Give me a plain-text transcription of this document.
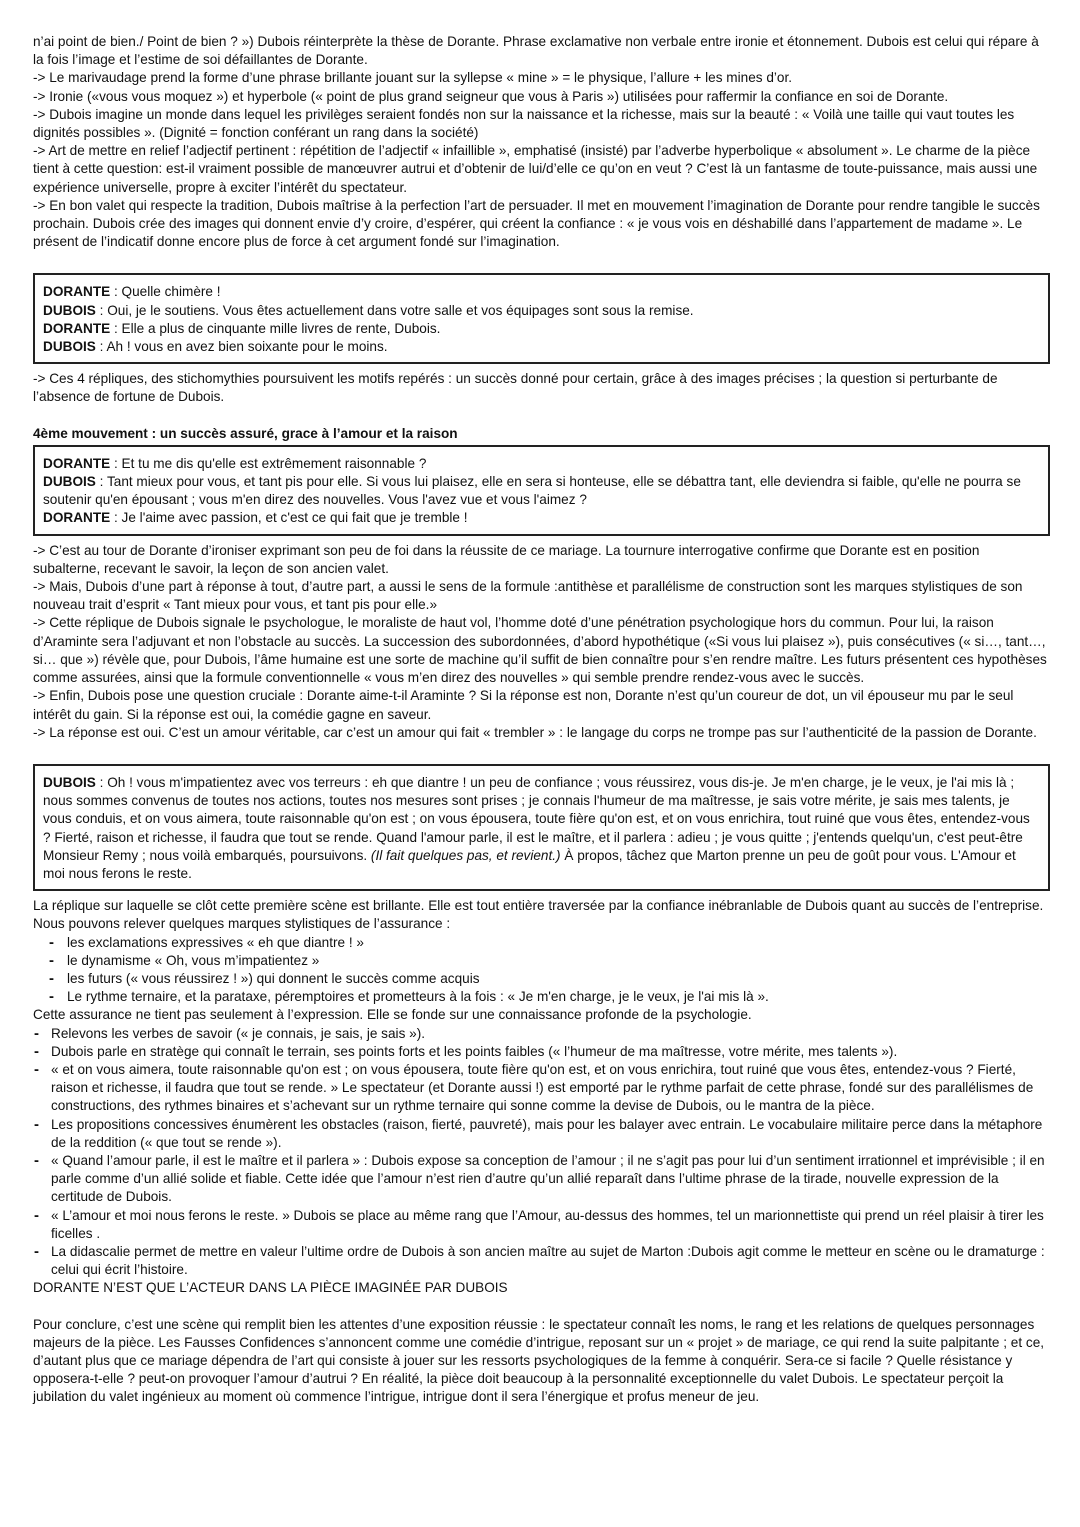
n’ai point de bien./ Point de bien ? ») Dubois réinterprète la thèse de Dorante. Phrase exclamative non verbale entre ironie et étonnement. Dubois est celui qui répare à la fois l’image et l’estime de soi défaillantes de Dorante.

-> Le marivaudage prend la forme d’une phrase brillante jouant sur la syllepse « mine » = le physique, l’allure + les mines d’or.

-> Ironie («vous vous moquez ») et hyperbole (« point de plus grand seigneur que vous à Paris ») utilisées pour raffermir la confiance en soi de Dorante.

-> Dubois imagine un monde dans lequel les privilèges seraient fondés non sur la naissance et la richesse, mais sur la beauté : « Voilà une taille qui vaut toutes les dignités possibles ». (Dignité = fonction conférant un rang dans la société)

-> Art de mettre en relief l’adjectif pertinent : répétition de l’adjectif « infaillible », emphatisé (insisté) par l’adverbe hyperbolique « absolument ». Le charme de la pièce tient à cette question: est-il vraiment possible de manœuvrer autrui et d’obtenir de lui/d’elle ce qu’on en veut ? C’est là un fantasme de toute-puissance, mais aussi une expérience universelle, propre à exciter l’intérêt du spectateur.

-> En bon valet qui respecte la tradition, Dubois maîtrise à la perfection l’art de persuader. Il met en mouvement l’imagination de Dorante pour rendre tangible le succès prochain. Dubois crée des images qui donnent envie d’y croire, d’espérer, qui créent la confiance : « je vous vois en déshabillé dans l’appartement de madame ». Le présent de l’indicatif donne encore plus de force à cet argument fondé sur l’imagination.

DORANTE : Quelle chimère !

DUBOIS : Oui, je le soutiens. Vous êtes actuellement dans votre salle et vos équipages sont sous la remise.

DORANTE : Elle a plus de cinquante mille livres de rente, Dubois.

DUBOIS : Ah ! vous en avez bien soixante pour le moins.

-> Ces 4 répliques, des stichomythies poursuivent les motifs repérés : un succès donné pour certain, grâce à des images précises ; la question si perturbante de l’absence de fortune de Dubois.

4ème mouvement : un succès assuré, grace à l’amour et la raison

DORANTE : Et tu me dis qu'elle est extrêmement raisonnable ?

DUBOIS : Tant mieux pour vous, et tant pis pour elle. Si vous lui plaisez, elle en sera si honteuse, elle se débattra tant, elle deviendra si faible, qu'elle ne pourra se soutenir qu'en épousant ; vous m'en direz des nouvelles. Vous l'avez vue et vous l'aimez ?

DORANTE : Je l'aime avec passion, et c'est ce qui fait que je tremble !

-> C’est au tour de Dorante d’ironiser exprimant son peu de foi dans la réussite de ce mariage. La tournure interrogative confirme que Dorante est en position subalterne, recevant le savoir, la leçon de son ancien valet.

-> Mais, Dubois d’une part à réponse à tout, d’autre part, a aussi le sens de la formule :antithèse et parallélisme de construction sont les marques stylistiques de son nouveau trait d’esprit « Tant mieux pour vous, et tant pis pour elle.»

-> Cette réplique de Dubois signale le psychologue, le moraliste de haut vol, l’homme doté d’une pénétration psychologique hors du commun. Pour lui, la raison d’Araminte sera l’adjuvant et non l’obstacle au succès. La succession des subordonnées, d’abord hypothétique («Si vous lui plaisez »), puis consécutives (« si…, tant…, si… que ») révèle que, pour Dubois, l’âme humaine est une sorte de machine qu’il suffit de bien connaître pour s’en rendre maître. Les futurs présentent ces hypothèses comme assurées, ainsi que la formule conventionnelle « vous m’en direz des nouvelles » qui semble prendre rendez-vous avec le succès.

-> Enfin, Dubois pose une question cruciale : Dorante aime-t-il Araminte ? Si la réponse est non, Dorante n’est qu’un coureur de dot, un vil épouseur mu par le seul intérêt du gain. Si la réponse est oui, la comédie gagne en saveur.

-> La réponse est oui. C’est un amour véritable, car c’est un amour qui fait « trembler » : le langage du corps ne trompe pas sur l’authenticité de la passion de Dorante.

DUBOIS : Oh ! vous m'impatientez avec vos terreurs : eh que diantre ! un peu de confiance ; vous réussirez, vous dis-je. Je m'en charge, je le veux, je l'ai mis là ; nous sommes convenus de toutes nos actions, toutes nos mesures sont prises ; je connais l'humeur de ma maîtresse, je sais votre mérite, je sais mes talents, je vous conduis, et on vous aimera, toute raisonnable qu'on est ; on vous épousera, toute fière qu'on est, et on vous enrichira, tout ruiné que vous êtes, entendez-vous ? Fierté, raison et richesse, il faudra que tout se rende. Quand l'amour parle, il est le maître, et il parlera : adieu ; je vous quitte ; j'entends quelqu'un, c'est peut-être Monsieur Remy ; nous voilà embarqués, poursuivons. (Il fait quelques pas, et revient.) À propos, tâchez que Marton prenne un peu de goût pour vous. L'Amour et moi nous ferons le reste.

La réplique sur laquelle se clôt cette première scène est brillante. Elle est tout entière traversée par la confiance inébranlable de Dubois quant au succès de l’entreprise.

Nous pouvons relever quelques marques stylistiques de l’assurance :

- les exclamations expressives « eh que diantre ! »
- le dynamisme « Oh, vous m’impatientez »
- les futurs (« vous réussirez ! ») qui donnent le succès comme acquis
- Le rythme ternaire, et la parataxe, péremptoires et prometteurs à la fois : « Je m'en charge, je le veux, je l'ai mis là ».

Cette assurance ne tient pas seulement à l’expression. Elle se fonde sur une connaissance profonde de la psychologie.

- Relevons les verbes de savoir (« je connais, je sais, je sais »).
- Dubois parle en stratège qui connaît le terrain, ses points forts et les points faibles (« l’humeur de ma maîtresse, votre mérite, mes talents »).
- « et on vous aimera, toute raisonnable qu'on est ; on vous épousera, toute fière qu'on est, et on vous enrichira, tout ruiné que vous êtes, entendez-vous ? Fierté, raison et richesse, il faudra que tout se rende. » Le spectateur (et Dorante aussi !) est emporté par le rythme parfait de cette phrase, fondé sur des parallélismes de constructions, des rythmes binaires et s’achevant sur un rythme ternaire qui sonne comme la devise de Dubois, ou le mantra de la pièce.
- Les propositions concessives énumèrent les obstacles (raison, fierté, pauvreté), mais pour les balayer avec entrain. Le vocabulaire militaire perce dans la métaphore de la reddition (« que tout se rende »).
- « Quand l’amour parle, il est le maître et il parlera » : Dubois expose sa conception de l’amour ; il ne s’agit pas pour lui d’un sentiment irrationnel et imprévisible ; il en parle comme d’un allié solide et fiable. Cette idée que l’amour n’est rien d’autre qu’un allié reparaît dans l’ultime phrase de la tirade, nouvelle expression de la certitude de Dubois.
- « L’amour et moi nous ferons le reste. » Dubois se place au même rang que l’Amour, au-dessus des hommes, tel un marionnettiste qui prend un réel plaisir à tirer les ficelles .
- La didascalie permet de mettre en valeur l’ultime ordre de Dubois à son ancien maître au sujet de Marton :Dubois agit comme le metteur en scène ou le dramaturge : celui qui écrit l’histoire.

DORANTE N’EST QUE L’ACTEUR DANS LA PIÈCE IMAGINÉE PAR DUBOIS

Pour conclure, c’est une scène qui remplit bien les attentes d’une exposition réussie : le spectateur connaît les noms, le rang et les relations de quelques personnages majeurs de la pièce. Les Fausses Confidences s’annoncent comme une comédie d’intrigue, reposant sur un « projet » de mariage, ce qui rend la suite palpitante ; et ce, d’autant plus que ce mariage dépendra de l’art qui consiste à jouer sur les ressorts psychologiques de la femme à conquérir. Sera-ce si facile ? Quelle résistance y opposera-t-elle ? peut-on provoquer l’amour d’autrui ? En réalité, la pièce doit beaucoup à la personnalité exceptionnelle du valet Dubois. Le spectateur perçoit la jubilation du valet ingénieux au moment où commence l’intrigue, intrigue dont il sera l’énergique et profus meneur de jeu.
